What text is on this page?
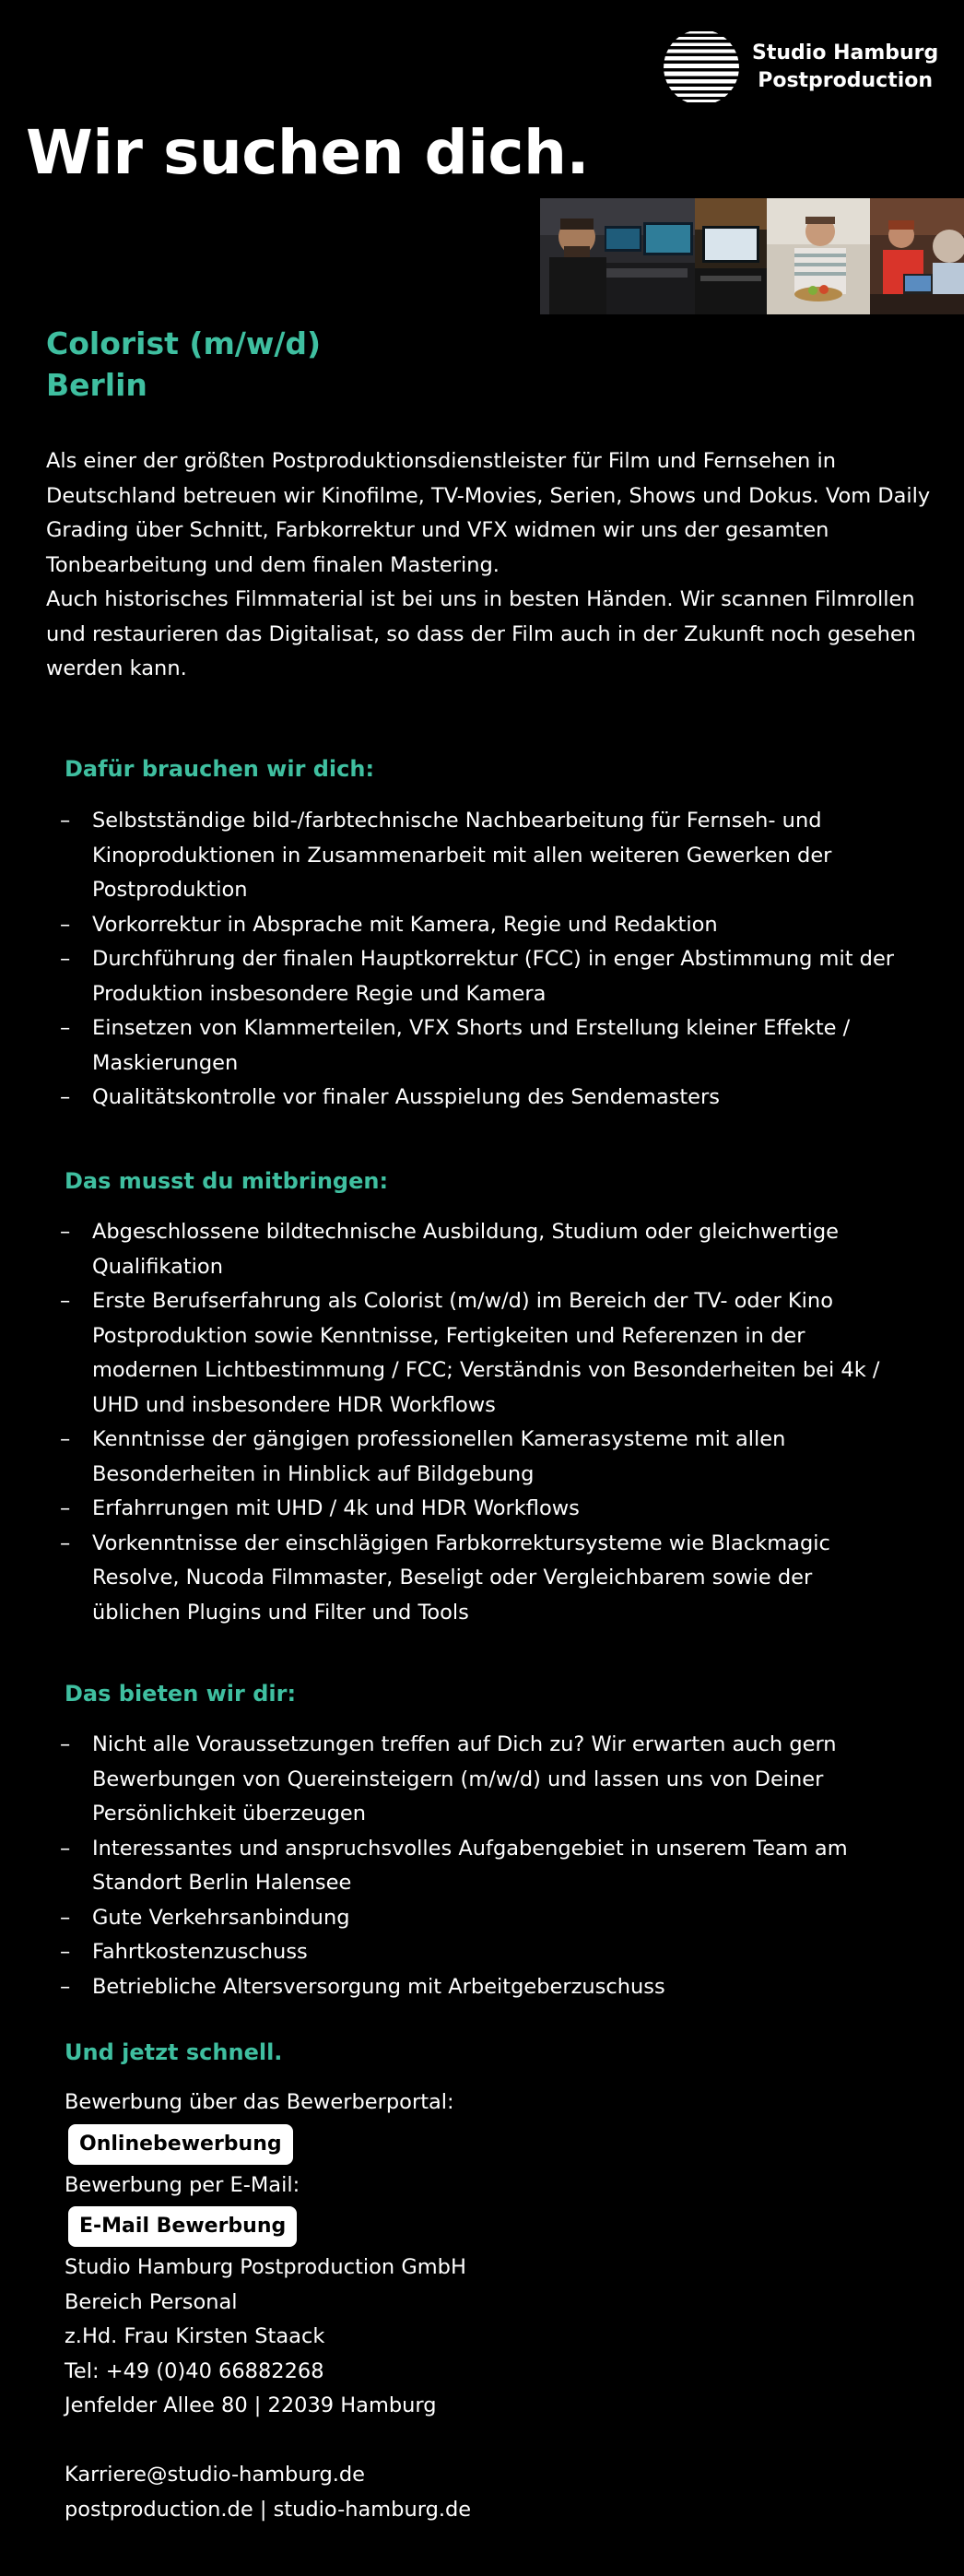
Studio Hamburg
Postproduction
Wir suchen dich.
Colorist (m/w/d)
Berlin

Als einer der größten Postproduktionsdienstleister für Film und Fernsehen in Deutschland betreuen wir Kinofilme, TV-Movies, Serien, Shows und Dokus. Vom Daily Grading über Schnitt, Farbkorrektur und VFX widmen wir uns der gesamten Tonbearbeitung und dem finalen Mastering.

Auch historisches Filmmaterial ist bei uns in besten Händen. Wir scannen Filmrollen und restaurieren das Digitalisat, so dass der Film auch in der Zukunft noch gesehen werden kann.

Dafür brauchen wir dich:
– Selbstständige bild-/farbtechnische Nachbearbeitung für Fernseh- und Kinoproduktionen in Zusammenarbeit mit allen weiteren Gewerken der Postproduktion
– Vorkorrektur in Absprache mit Kamera, Regie und Redaktion
– Durchführung der finalen Hauptkorrektur (FCC) in enger Abstimmung mit der Produktion insbesondere Regie und Kamera
– Einsetzen von Klammerteilen, VFX Shorts und Erstellung kleiner Effekte / Maskierungen
– Qualitätskontrolle vor finaler Ausspielung des Sendemasters
Das musst du mitbringen:
– Abgeschlossene bildtechnische Ausbildung, Studium oder gleichwertige Qualifikation
– Erste Berufserfahrung als Colorist (m/w/d) im Bereich der TV- oder Kino Postproduktion sowie Kenntnisse, Fertigkeiten und Referenzen in der modernen Lichtbestimmung / FCC; Verständnis von Besonderheiten bei 4k / UHD und insbesondere HDR Workflows
– Kenntnisse der gängigen professionellen Kamerasysteme mit allen Besonderheiten in Hinblick auf Bildgebung
– Erfahrrungen mit UHD / 4k und HDR Workflows
– Vorkenntnisse der einschlägigen Farbkorrektursysteme wie Blackmagic Resolve, Nucoda Filmmaster, Beseligt oder Vergleichbarem sowie der üblichen Plugins und Filter und Tools
Das bieten wir dir:
– Nicht alle Voraussetzungen treffen auf Dich zu? Wir erwarten auch gern Bewerbungen von Quereinsteigern (m/w/d) und lassen uns von Deiner Persönlichkeit überzeugen
– Interessantes und anspruchsvolles Aufgabengebiet in unserem Team am Standort Berlin Halensee
– Gute Verkehrsanbindung
– Fahrtkostenzuschuss
– Betriebliche Altersversorgung mit Arbeitgeberzuschuss
Und jetzt schnell.
Bewerbung über das Bewerberportal:
Onlinebewerbung
Bewerbung per E-Mail:
E-Mail Bewerbung
Studio Hamburg Postproduction GmbH
Bereich Personal
z.Hd. Frau Kirsten Staack
Tel: +49 (0)40 66882268
Jenfelder Allee 80 | 22039 Hamburg
Karriere@studio-hamburg.de
postproduction.de | studio-hamburg.de
